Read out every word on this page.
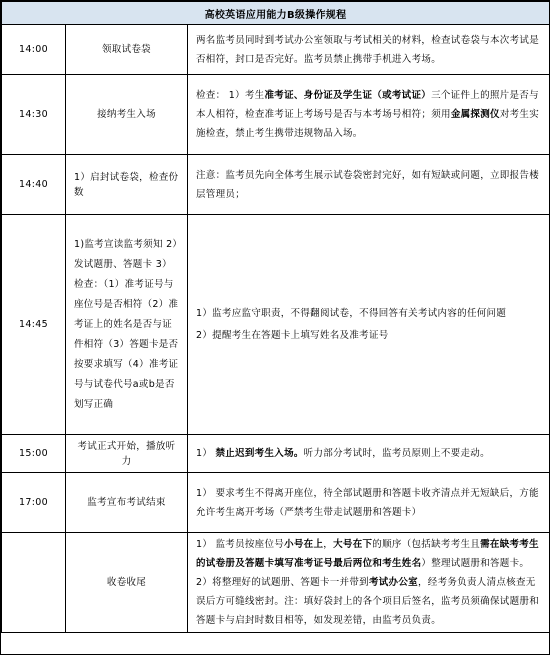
高校英语应用能力B级操作规程		
14:00	领取试卷袋	两名监考员同时到考试办公室领取与考试相关的材料，检查试卷袋与本次考试是否相符，封口是否完好。监考员禁止携带手机进入考场。
14:30	接纳考生入场	检查： 1）考生准考证、身份证及学生证（或考试证）三个证件上的照片是否与本人相符，检查准考证上考场号是否与本考场号相符；须用金属探测仪对考生实施检查，禁止考生携带违规物品入场。
14:40	1）启封试卷袋，检查份数	注意：监考员先向全体考生展示试卷袋密封完好，如有短缺或问题，立即报告楼层管理员；
14:45	1)监考宣读监考须知 2）发试题册、答题卡 3）检查：（1）准考证号与座位号是否相符（2）准考证上的姓名是否与证件相符（3）答题卡是否按要求填写（4）准考证号与试卷代号a或b是否划写正确	1）监考应监守职责，不得翻阅试卷，不得回答有关考试内容的任何问题

2）提醒考生在答题卡上填写姓名及准考证号

15:00	考试正式开始，播放听力	1） 禁止迟到考生入场。听力部分考试时，监考员原则上不要走动。
17:00	监考宣布考试结束	1） 要求考生不得离开座位，待全部试题册和答题卡收齐清点并无短缺后，方能允许考生离开考场（严禁考生带走试题册和答题卡）
	收卷收尾	1） 监考员按座位号小号在上，大号在下的顺序（包括缺考考生且需在缺考考生的试卷册及答题卡填写准考证号最后两位和考生姓名）整理试题册和答题卡。 2）将整理好的试题册、答题卡一并带到考试办公室，经考务负责人清点核查无误后方可缝线密封。注：填好袋封上的各个项目后签名，监考员须确保试题册和答题卡与启封时数目相等，如发现差错，由监考员负责。
